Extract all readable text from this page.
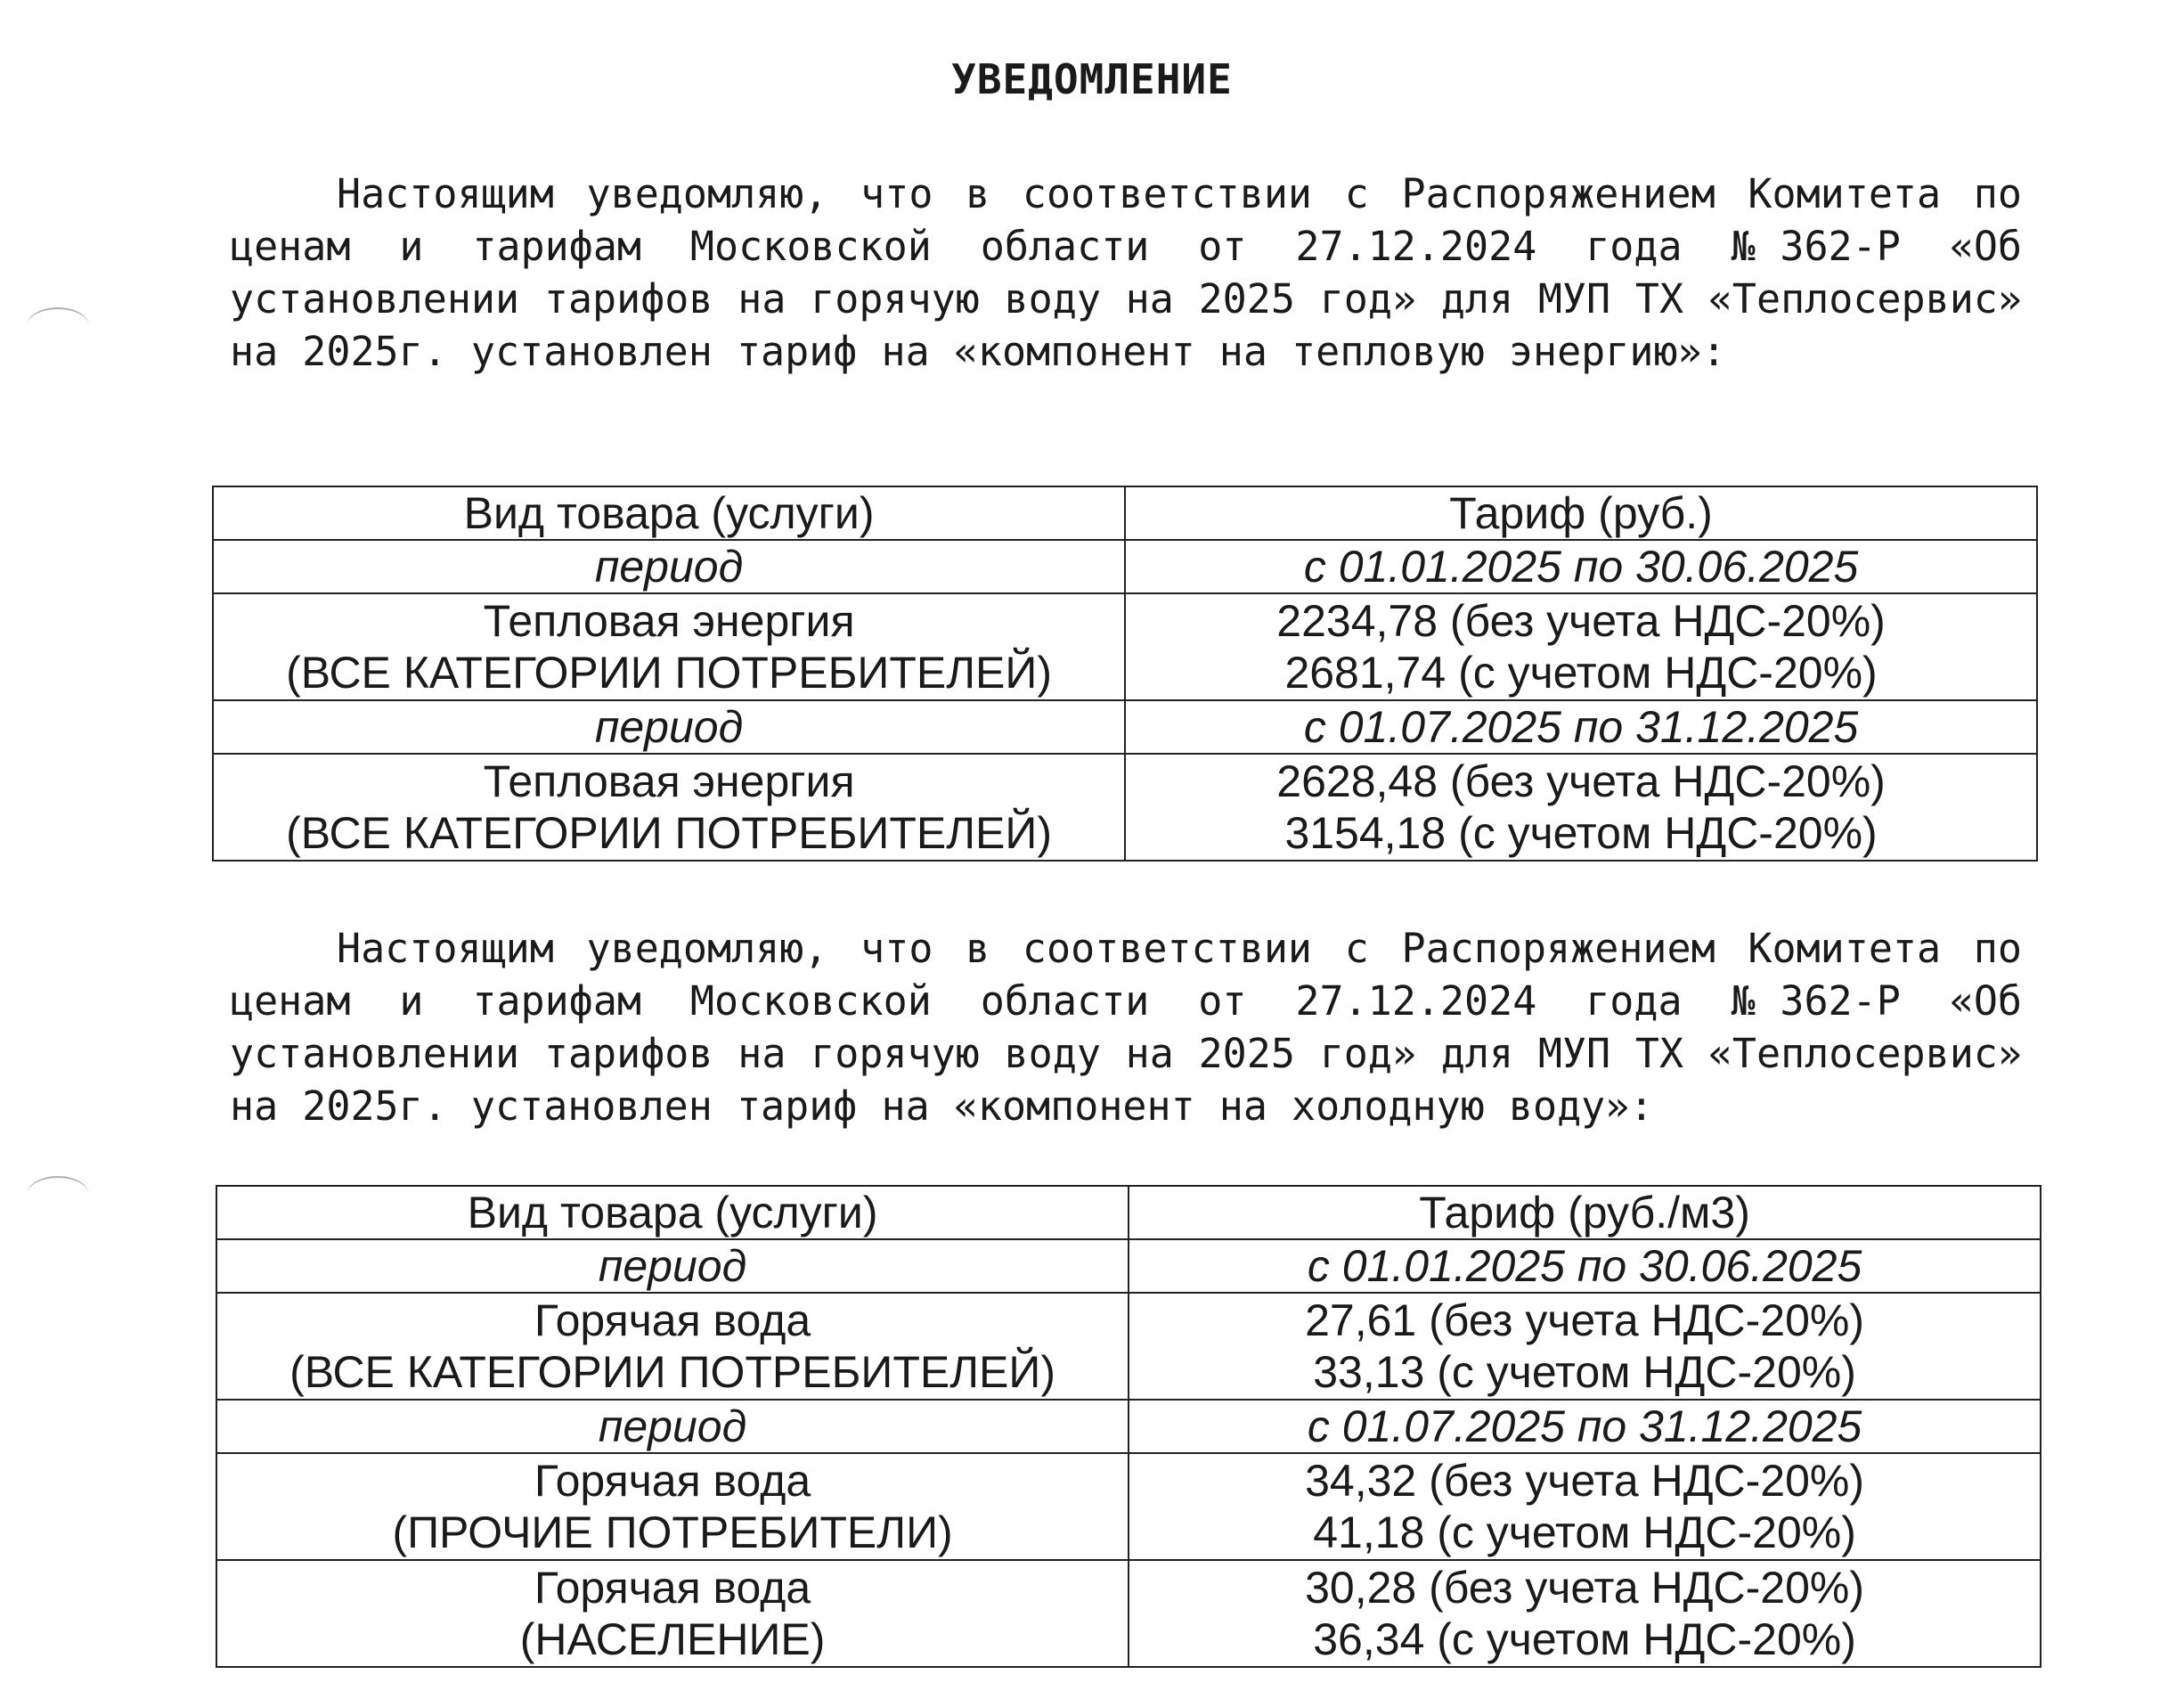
УВЕДОМЛЕНИЕ
Настоящим уведомляю, что в соответствии с Распоряжением Комитета по ценам и тарифам Московской области от 27.12.2024 года №362-Р «Об установлении тарифов на горячую воду на 2025 год» для МУП ТХ «Теплосервис» на 2025г. установлен тариф на «компонент на тепловую энергию»:
Вид товара (услуги)	Тариф (руб.)
период	с 01.01.2025 по 30.06.2025

Тепловая энергия
(ВСЕ КАТЕГОРИИ ПОТРЕБИТЕЛЕЙ)	2234,78 (без учета НДС-20%)
2681,74 (с учетом НДС-20%)

период	с 01.07.2025 по 31.12.2025

Тепловая энергия
(ВСЕ КАТЕГОРИИ ПОТРЕБИТЕЛЕЙ)	2628,48 (без учета НДС-20%)
3154,18 (с учетом НДС-20%)
Настоящим уведомляю, что в соответствии с Распоряжением Комитета по ценам и тарифам Московской области от 27.12.2024 года №362-Р «Об установлении тарифов на горячую воду на 2025 год» для МУП ТХ «Теплосервис» на 2025г. установлен тариф на «компонент на холодную воду»:
Вид товара (услуги)	Тариф (руб./м3)
период	с 01.01.2025 по 30.06.2025

Горячая вода
(ВСЕ КАТЕГОРИИ ПОТРЕБИТЕЛЕЙ)	27,61 (без учета НДС-20%)
33,13 (с учетом НДС-20%)

период	с 01.07.2025 по 31.12.2025

Горячая вода
(ПРОЧИЕ ПОТРЕБИТЕЛИ)	34,32 (без учета НДС-20%)
41,18 (с учетом НДС-20%)

Горячая вода
(НАСЕЛЕНИЕ)	30,28 (без учета НДС-20%)
36,34 (с учетом НДС-20%)
